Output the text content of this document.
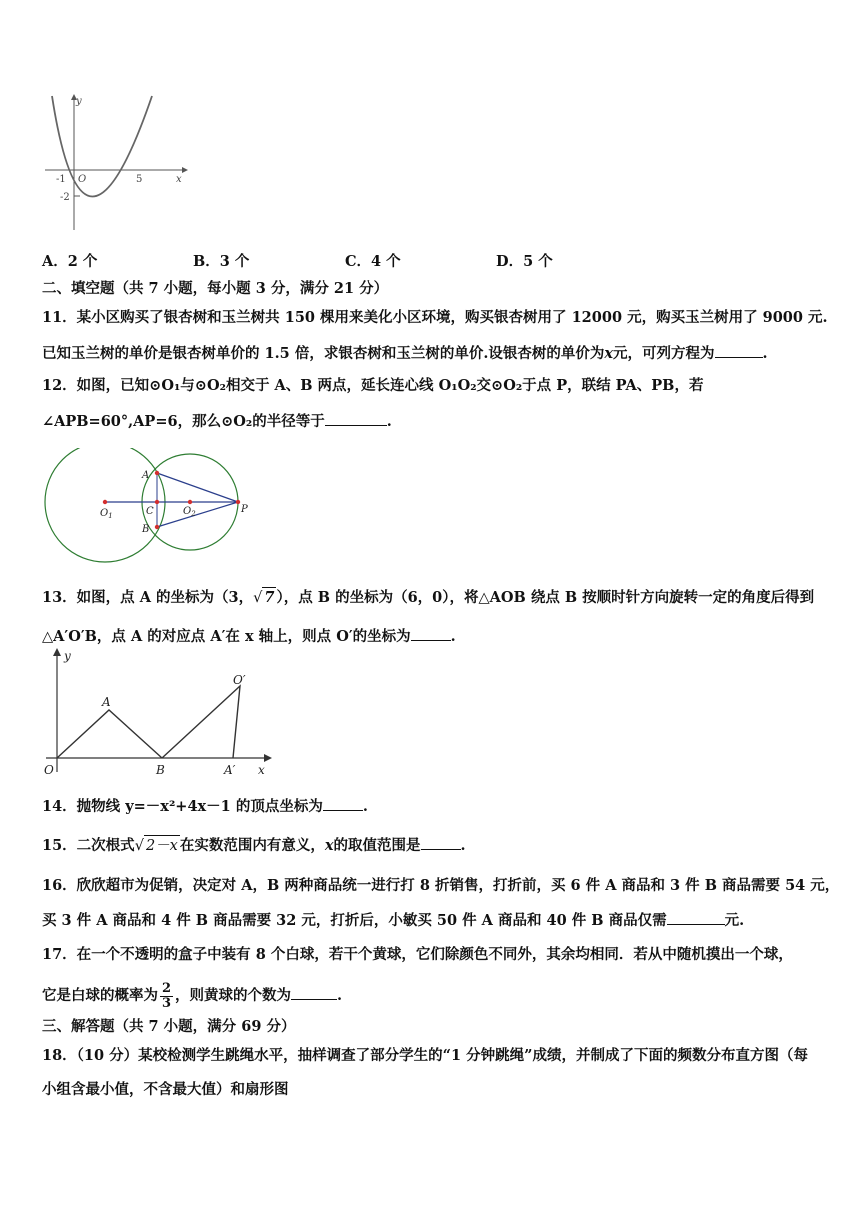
y
x
O
-1	5
-2
A．2 个	B．3 个	C．4 个	D．5 个
二、填空题（共 7 小题，每小题 3 分，满分 21 分）
11．某小区购买了银杏树和玉兰树共 150 棵用来美化小区环境，购买银杏树用了 12000 元，购买玉兰树用了 9000 元.
已知玉兰树的单价是银杏树单价的 1.5 倍，求银杏树和玉兰树的单价.设银杏树的单价为x元，可列方程为	.
12．如图，已知⊙O₁与⊙O₂相交于 A、B 两点，延长连心线 O₁O₂交⊙O₂于点 P，联结 PA、PB，若
∠APB=60°,AP=6，那么⊙O₂的半径等于	.
A
B
C
$O_1$	$O_2$	P
13．如图，点 A 的坐标为（3，√ 7 ），点 B 的坐标为（6，0），将△AOB 绕点 B 按顺时针方向旋转一定的角度后得到
△A′O′B，点 A 的对应点 A′在 x 轴上，则点 O′的坐标为	.
y
x
O
A
B	A′
O′
14．抛物线 y=－x²+4x－1 的顶点坐标为	.
15．二次根式√ 2－x 在实数范围内有意义，x的取值范围是	.
16．欣欣超市为促销，决定对 A，B 两种商品统一进行打 8 折销售，打折前，买 6 件 A 商品和 3 件 B 商品需要 54 元，
买 3 件 A 商品和 4 件 B 商品需要 32 元，打折后，小敏买 50 件 A 商品和 40 件 B 商品仅需	元.
17．在一个不透明的盒子中装有 8 个白球，若干个黄球，它们除颜色不同外，其余均相同．若从中随机摸出一个球，
它是白球的概率为 $\frac{2}{3}$ ，则黄球的个数为	.
三、解答题（共 7 小题，满分 69 分）
18．（10 分）某校检测学生跳绳水平，抽样调查了部分学生的“1 分钟跳绳”成绩，并制成了下面的频数分布直方图（每
小组含最小值，不含最大值）和扇形图
